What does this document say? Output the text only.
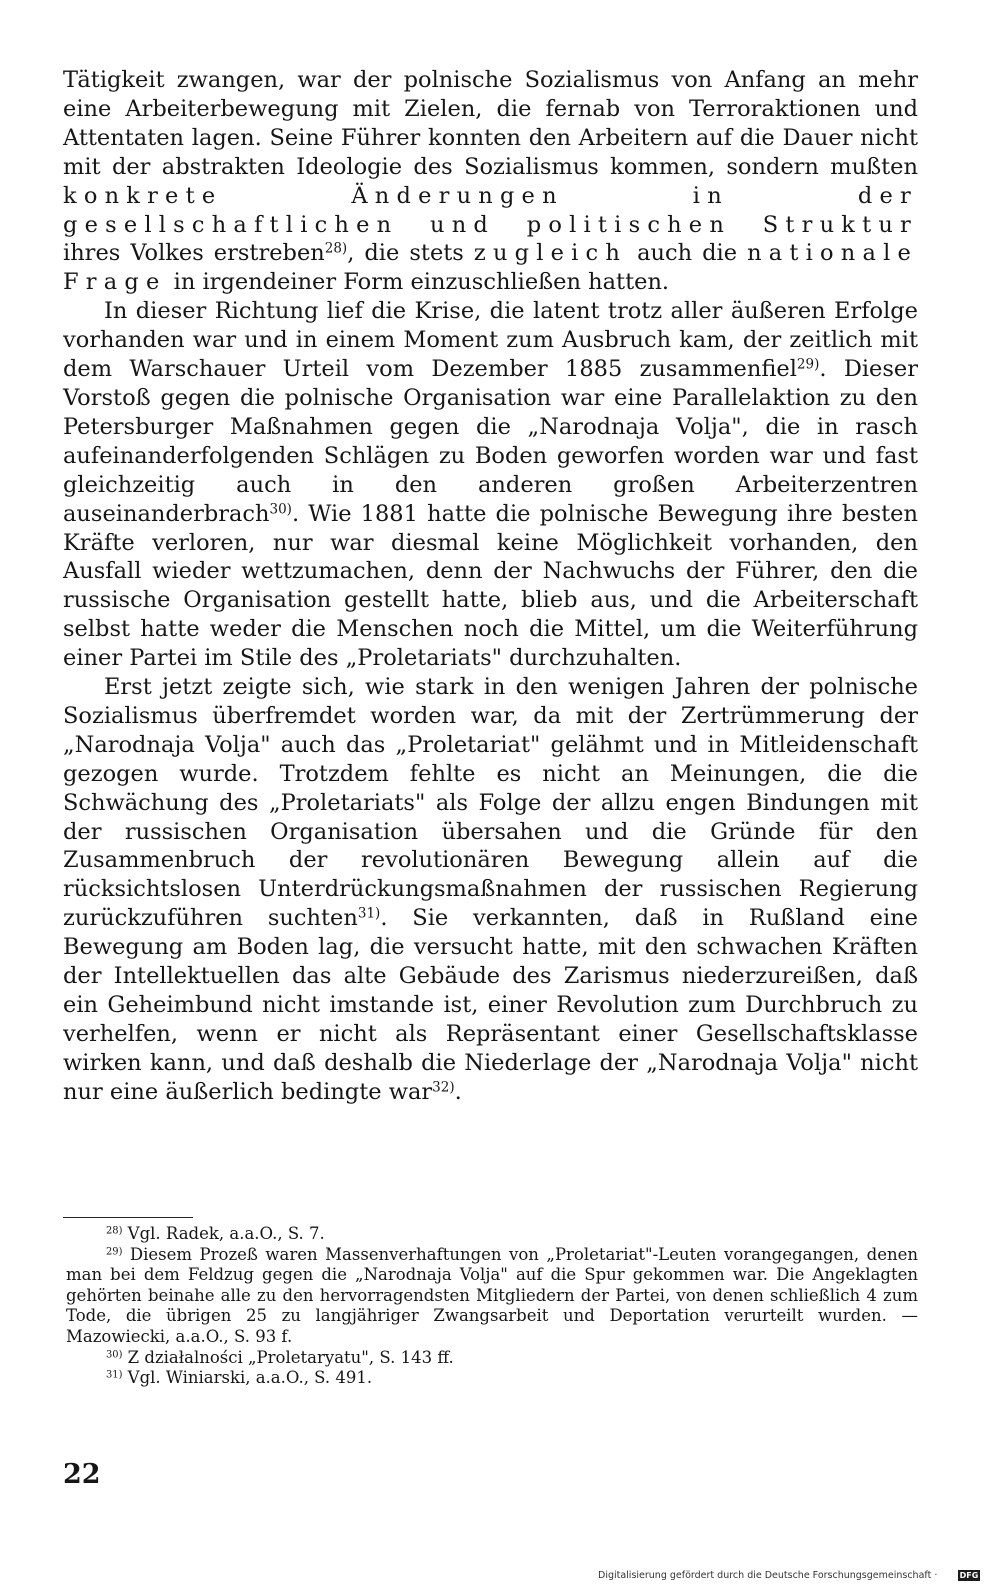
Tätigkeit zwangen, war der polnische Sozialismus von Anfang an mehr eine Arbeiterbewegung mit Zielen, die fernab von Terroraktionen und Attentaten lagen. Seine Führer konnten den Arbeitern auf die Dauer nicht mit der abstrakten Ideologie des Sozialismus kommen, sondern mußten konkrete Änderungen in der gesellschaftlichen und politischen Struktur ihres Volkes erstreben$^{28)}$, die stets zugleich auch die nationale Frage in irgendeiner Form einzuschließen hatten.

In dieser Richtung lief die Krise, die latent trotz aller äußeren Erfolge vorhanden war und in einem Moment zum Ausbruch kam, der zeitlich mit dem Warschauer Urteil vom Dezember 1885 zusammenfiel$^{29)}$. Dieser Vorstoß gegen die polnische Organisation war eine Parallelaktion zu den Petersburger Maßnahmen gegen die „Narodnaja Volja", die in rasch aufeinanderfolgenden Schlägen zu Boden geworfen worden war und fast gleichzeitig auch in den anderen großen Arbeiterzentren auseinanderbrach$^{30)}$. Wie 1881 hatte die polnische Bewegung ihre besten Kräfte verloren, nur war diesmal keine Möglichkeit vorhanden, den Ausfall wieder wettzumachen, denn der Nachwuchs der Führer, den die russische Organisation gestellt hatte, blieb aus, und die Arbeiterschaft selbst hatte weder die Menschen noch die Mittel, um die Weiterführung einer Partei im Stile des „Proletariats" durchzuhalten.

Erst jetzt zeigte sich, wie stark in den wenigen Jahren der polnische Sozialismus überfremdet worden war, da mit der Zertrümmerung der „Narodnaja Volja" auch das „Proletariat" gelähmt und in Mitleidenschaft gezogen wurde. Trotzdem fehlte es nicht an Meinungen, die die Schwächung des „Proletariats" als Folge der allzu engen Bindungen mit der russischen Organisation übersahen und die Gründe für den Zusammenbruch der revolutionären Bewegung allein auf die rücksichtslosen Unterdrückungsmaßnahmen der russischen Regierung zurückzuführen suchten$^{31)}$. Sie verkannten, daß in Rußland eine Bewegung am Boden lag, die versucht hatte, mit den schwachen Kräften der Intellektuellen das alte Gebäude des Zarismus niederzureißen, daß ein Geheimbund nicht imstande ist, einer Revolution zum Durchbruch zu verhelfen, wenn er nicht als Repräsentant einer Gesellschaftsklasse wirken kann, und daß deshalb die Niederlage der „Narodnaja Volja" nicht nur eine äußerlich bedingte war$^{32)}$.

$^{28)}$ Vgl. Radek, a.a.O., S. 7.

$^{29)}$ Diesem Prozeß waren Massenverhaftungen von „Proletariat"-Leuten vorangegangen, denen man bei dem Feldzug gegen die „Narodnaja Volja" auf die Spur gekommen war. Die Angeklagten gehörten beinahe alle zu den hervorragendsten Mitgliedern der Partei, von denen schließlich 4 zum Tode, die übrigen 25 zu langjähriger Zwangsarbeit und Deportation verurteilt wurden. — Mazowiecki, a.a.O., S. 93 f.

$^{30)}$ Z działalności „Proletaryatu", S. 143 ff.

$^{31)}$ Vgl. Winiarski, a.a.O., S. 491.

22
Digitalisierung gefördert durch die Deutsche Forschungsgemeinschaft ·	DFG
